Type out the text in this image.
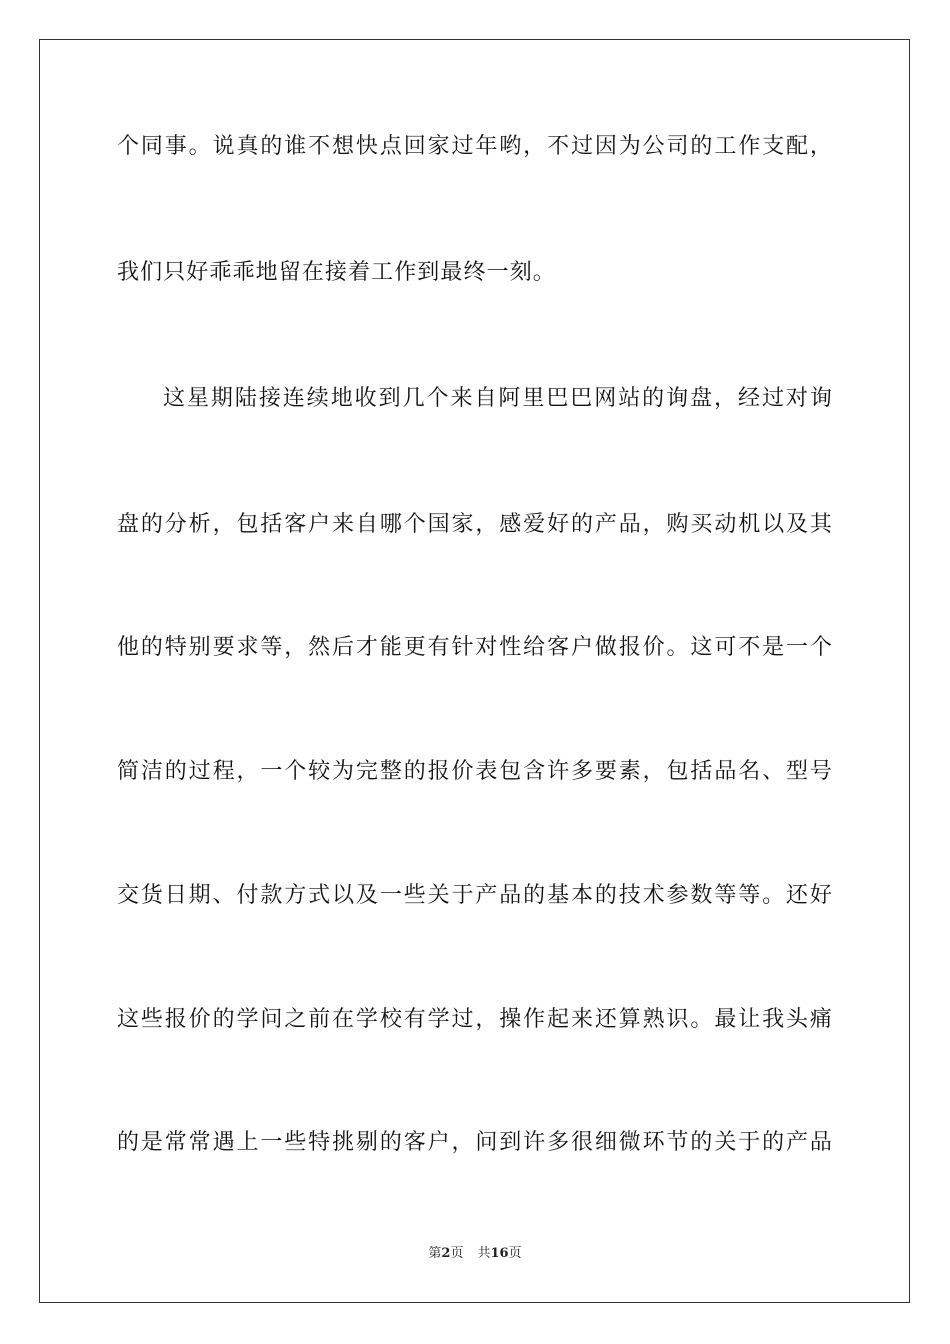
个同事。说真的谁不想快点回家过年哟，不过因为公司的工作支配，
我们只好乖乖地留在接着工作到最终一刻。
这星期陆接连续地收到几个来自阿里巴巴网站的询盘，经过对询
盘的分析，包括客户来自哪个国家，感爱好的产品，购买动机以及其
他的特别要求等，然后才能更有针对性给客户做报价。这可不是一个
简洁的过程，一个较为完整的报价表包含许多要素，包括品名、型号
交货日期、付款方式以及一些关于产品的基本的技术参数等等。还好
这些报价的学问之前在学校有学过，操作起来还算熟识。最让我头痛
的是常常遇上一些特挑剔的客户，问到许多很细微环节的关于的产品
第2页 共16页
